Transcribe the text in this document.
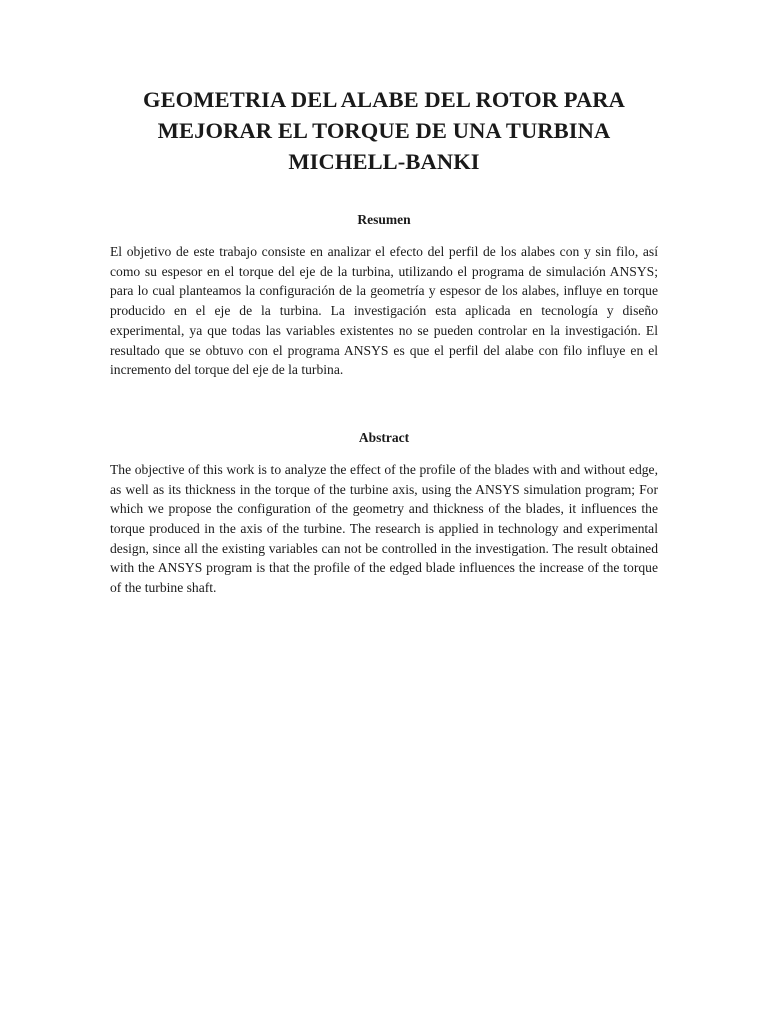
GEOMETRIA DEL ALABE DEL ROTOR PARA
MEJORAR EL TORQUE DE UNA TURBINA
MICHELL-BANKI
Resumen

El objetivo de este trabajo consiste en analizar el efecto del perfil de los alabes con y sin filo, así como su espesor en el torque del eje de la turbina, utilizando el programa de simulación ANSYS; para lo cual planteamos la configuración de la geometría y espesor de los alabes, influye en torque producido en el eje de la turbina. La investigación esta aplicada en tecnología y diseño experimental, ya que todas las variables existentes no se pueden controlar en la investigación. El resultado que se obtuvo con el programa ANSYS es que el perfil del alabe con filo influye en el incremento del torque del eje de la turbina.

Abstract

The objective of this work is to analyze the effect of the profile of the blades with and without edge, as well as its thickness in the torque of the turbine axis, using the ANSYS simulation program; For which we propose the configuration of the geometry and thickness of the blades, it influences the torque produced in the axis of the turbine. The research is applied in technology and experimental design, since all the existing variables can not be controlled in the investigation. The result obtained with the ANSYS program is that the profile of the edged blade influences the increase of the torque of the turbine shaft.
